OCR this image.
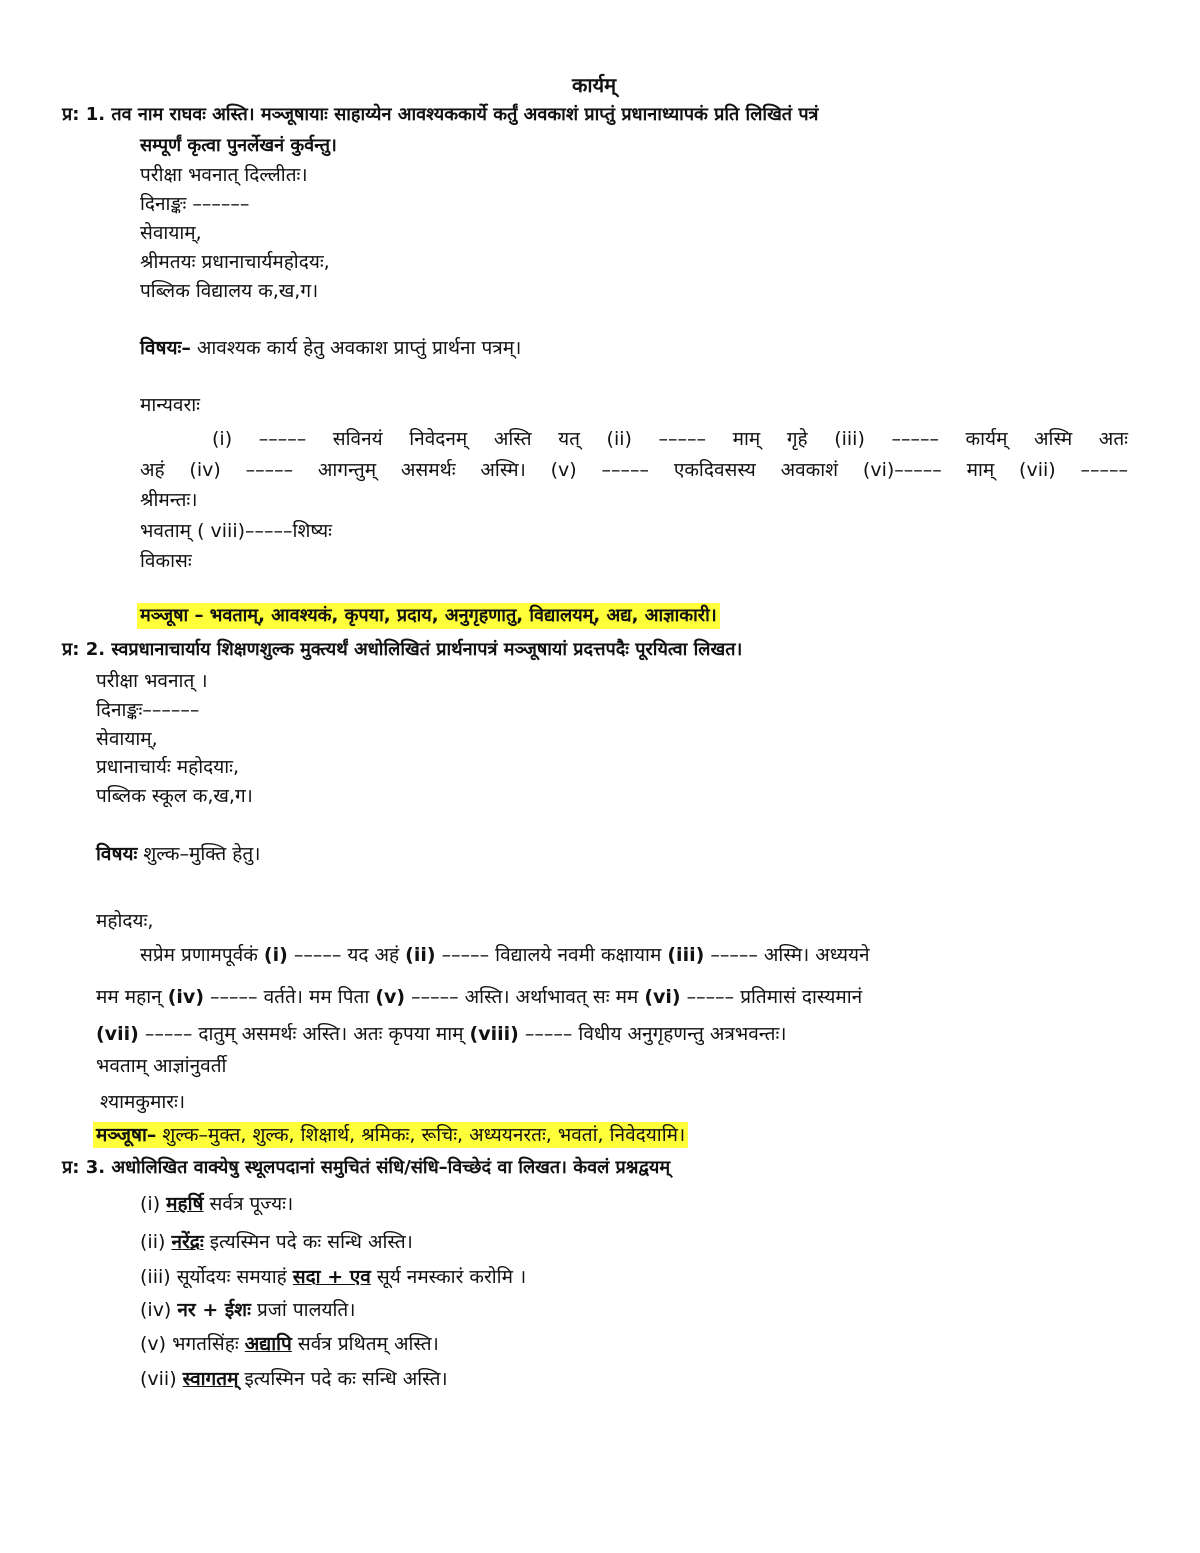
कार्यम्
प्र: 1. तव नाम राघवः अस्ति। मञ्जूषायाः साहाय्येन आवश्यककार्ये कर्तुं अवकाशं प्राप्तुं प्रधानाध्यापकं प्रति लिखितं पत्रं
सम्पूर्णं कृत्वा पुनर्लेखनं कुर्वन्तु।
परीक्षा भवनात् दिल्लीतः।
दिनाङ्कः ––––––
सेवायाम्,
श्रीमतयः प्रधानाचार्यमहोदयः,
पब्लिक विद्यालय क,ख,ग।
विषयः– आवश्यक कार्य हेतु अवकाश प्राप्तुं प्रार्थना पत्रम्।
मान्यवराः
(i) ––––– सविनयं निवेदनम् अस्ति यत् (ii) ––––– माम् गृहे (iii) ––––– कार्यम् अस्मि अतः
अहं (iv) ––––– आगन्तुम् असमर्थः अस्मि। (v) ––––– एकदिवसस्य अवकाशं (vi)––––– माम् (vii) –––––
श्रीमन्तः।
भवताम् ( viii)–––––शिष्यः
विकासः
मञ्जूषा – भवताम्, आवश्यकं, कृपया, प्रदाय, अनुगृहणातु, विद्यालयम्, अद्य, आज्ञाकारी।
प्र: 2. स्वप्रधानाचार्याय शिक्षणशुल्क मुक्त्यर्थं अधोलिखितं प्रार्थनापत्रं मञ्जूषायां प्रदत्तपदैः पूरयित्वा लिखत।
परीक्षा भवनात् ।
दिनाङ्कः––––––
सेवायाम्,
प्रधानाचार्यः महोदयाः,
पब्लिक स्कूल क,ख,ग।
विषयः शुल्क–मुक्ति हेतु।
महोदयः,
सप्रेम प्रणामपूर्वकं (i) ––––– यद अहं (ii) ––––– विद्यालये नवमी कक्षायाम (iii) ––––– अस्मि। अध्ययने
मम महान् (iv) ––––– वर्तते। मम पिता (v) ––––– अस्ति। अर्थाभावत् सः मम (vi) ––––– प्रतिमासं दास्यमानं
(vii) ––––– दातुम् असमर्थः अस्ति। अतः कृपया माम् (viii) ––––– विधीय अनुगृहणन्तु अत्रभवन्तः।
भवताम् आज्ञांनुवर्ती
श्यामकुमारः।
मञ्जूषा– शुल्क–मुक्त, शुल्क, शिक्षार्थ, श्रमिकः, रूचिः, अध्ययनरतः, भवतां, निवेदयामि।
प्र: 3. अधोलिखित वाक्येषु स्थूलपदानां समुचितं संधि/संधि–विच्छेदं वा लिखत। केवलं प्रश्नद्वयम्
(i) महर्षि सर्वत्र पूज्यः।
(ii) नरेंद्रः इत्यस्मिन पदे कः सन्धि अस्ति।
(iii) सूर्योदयः समयाहं सदा + एव सूर्य नमस्कारं करोमि ।
(iv) नर + ईशः प्रजां पालयति।
(v) भगतसिंहः अद्यापि सर्वत्र प्रथितम् अस्ति।
(vii) स्वागतम् इत्यस्मिन पदे कः सन्धि अस्ति।
